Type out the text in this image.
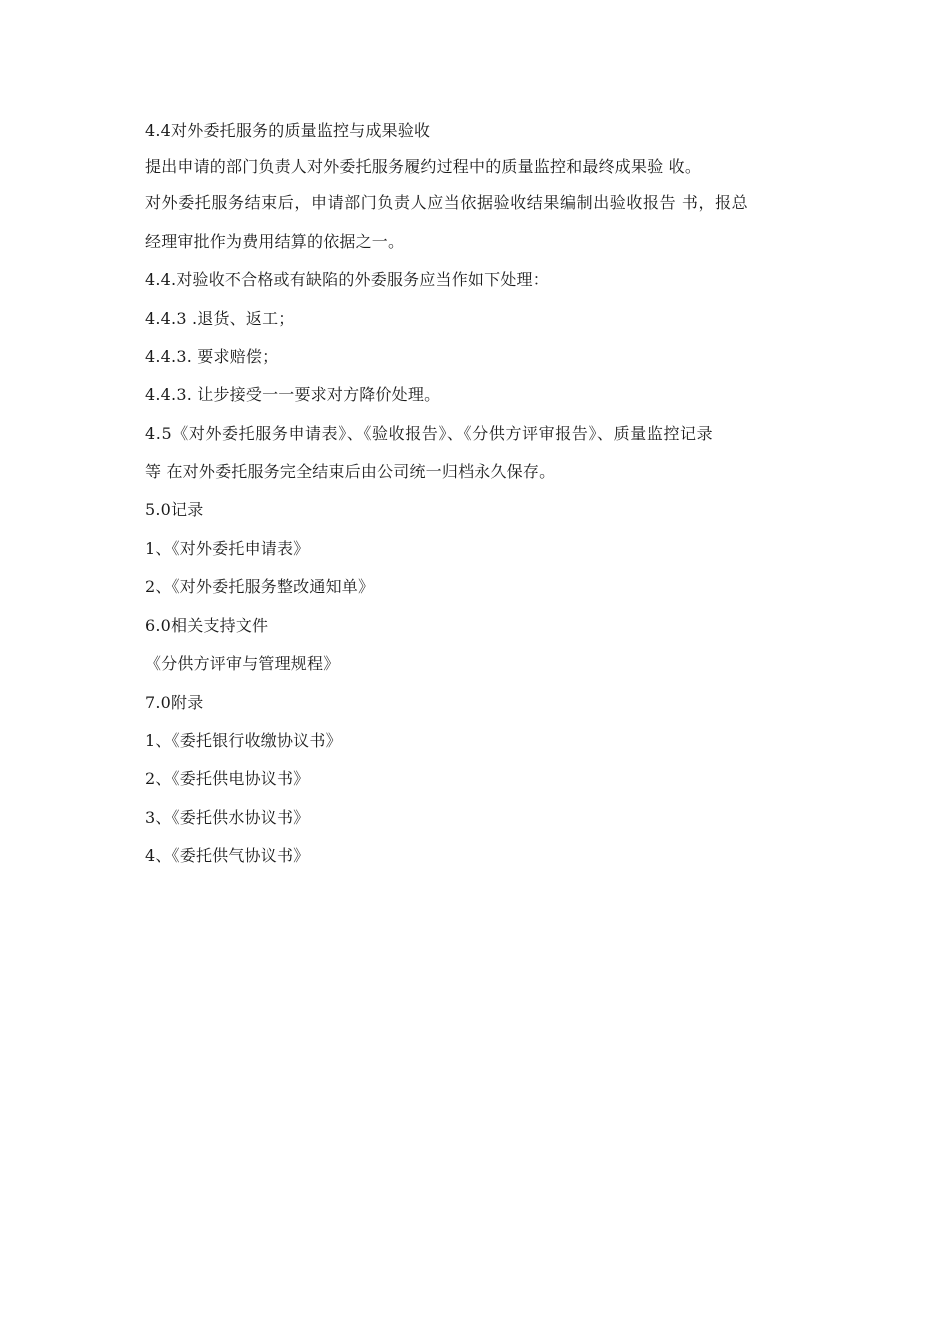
4.4对外委托服务的质量监控与成果验收
提出申请的部门负责人对外委托服务履约过程中的质量监控和最终成果验 收。
对外委托服务结束后，申请部门负责人应当依据验收结果编制出验收报告 书，报总
经理审批作为费用结算的依据之一。
4.4.对验收不合格或有缺陷的外委服务应当作如下处理：
4.4.3 .退货、返工；
4.4.3. 要求赔偿；
4.4.3. 让步接受一一要求对方降价处理。
4.5《对外委托服务申请表》、《验收报告》、《分供方评审报告》、质量监控记录
等 在对外委托服务完全结束后由公司统一归档永久保存。
5.0记录
1、《对外委托申请表》
2、《对外委托服务整改通知单》
6.0相关支持文件
《分供方评审与管理规程》
7.0附录
1、《委托银行收缴协议书》
2、《委托供电协议书》
3、《委托供水协议书》
4、《委托供气协议书》
